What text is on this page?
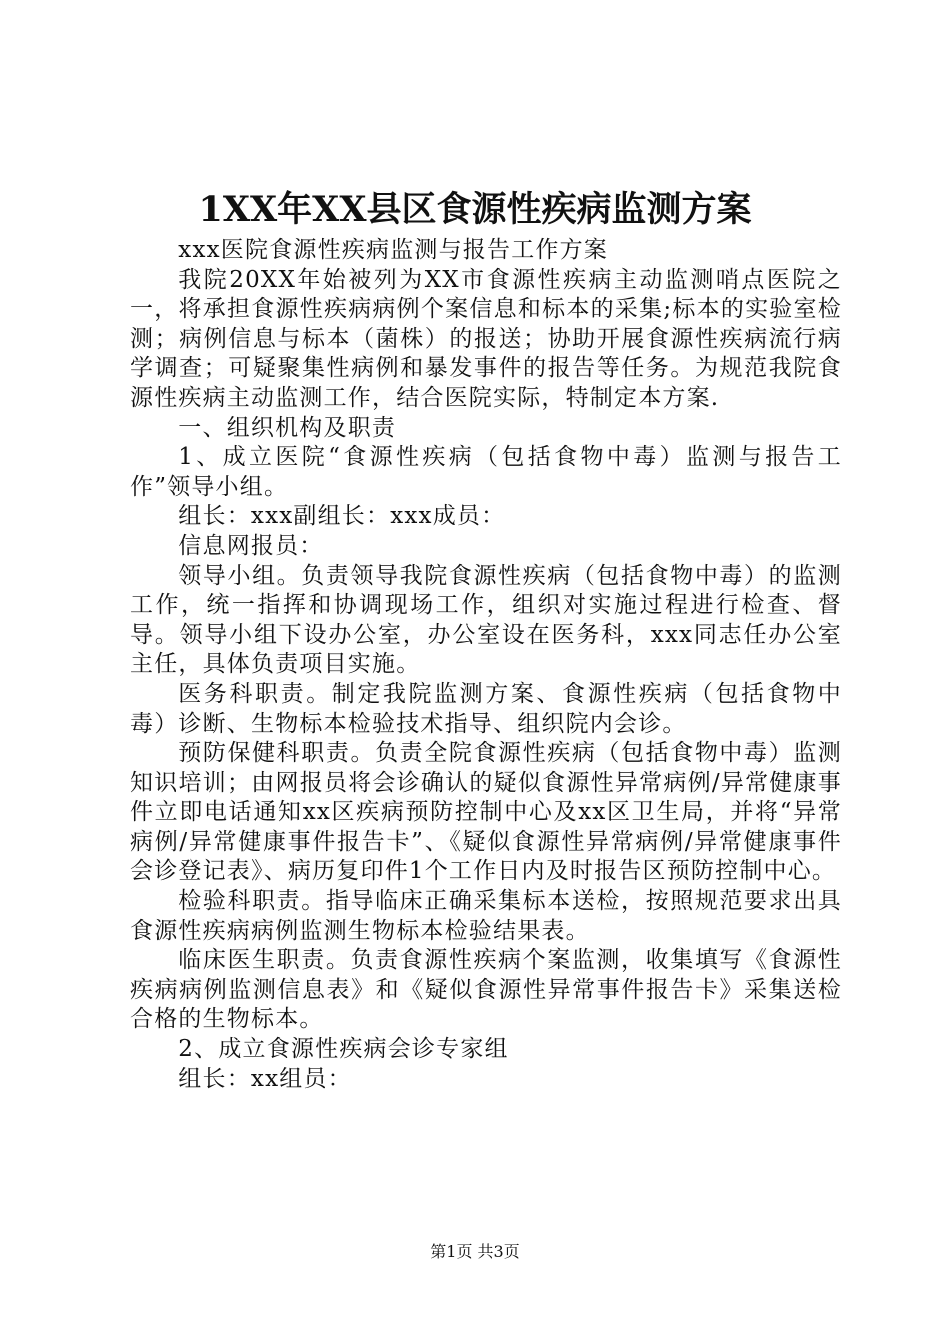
1XX年XX县区食源性疾病监测方案

xxx医院食源性疾病监测与报告工作方案

我院20XX年始被列为XX市食源性疾病主动监测哨点医院之一，将承担食源性疾病病例个案信息和标本的采集;标本的实验室检测；病例信息与标本（菌株）的报送；协助开展食源性疾病流行病学调查；可疑聚集性病例和暴发事件的报告等任务。为规范我院食源性疾病主动监测工作，结合医院实际，特制定本方案.

一、组织机构及职责

1、成立医院“食源性疾病（包括食物中毒）监测与报告工作”领导小组。

组长：xxx副组长：xxx成员：

信息网报员：

领导小组。负责领导我院食源性疾病（包括食物中毒）的监测工作，统一指挥和协调现场工作，组织对实施过程进行检查、督导。领导小组下设办公室，办公室设在医务科，xxx同志任办公室主任，具体负责项目实施。

医务科职责。制定我院监测方案、食源性疾病（包括食物中毒）诊断、生物标本检验技术指导、组织院内会诊。

预防保健科职责。负责全院食源性疾病（包括食物中毒）监测知识培训；由网报员将会诊确认的疑似食源性异常病例/异常健康事件立即电话通知xx区疾病预防控制中心及xx区卫生局，并将“异常病例/异常健康事件报告卡”、《疑似食源性异常病例/异常健康事件会诊登记表》、病历复印件1个工作日内及时报告区预防控制中心。

检验科职责。指导临床正确采集标本送检，按照规范要求出具食源性疾病病例监测生物标本检验结果表。

临床医生职责。负责食源性疾病个案监测，收集填写《食源性疾病病例监测信息表》和《疑似食源性异常事件报告卡》采集送检合格的生物标本。

2、成立食源性疾病会诊专家组

组长：xx组员：

第1页 共3页
